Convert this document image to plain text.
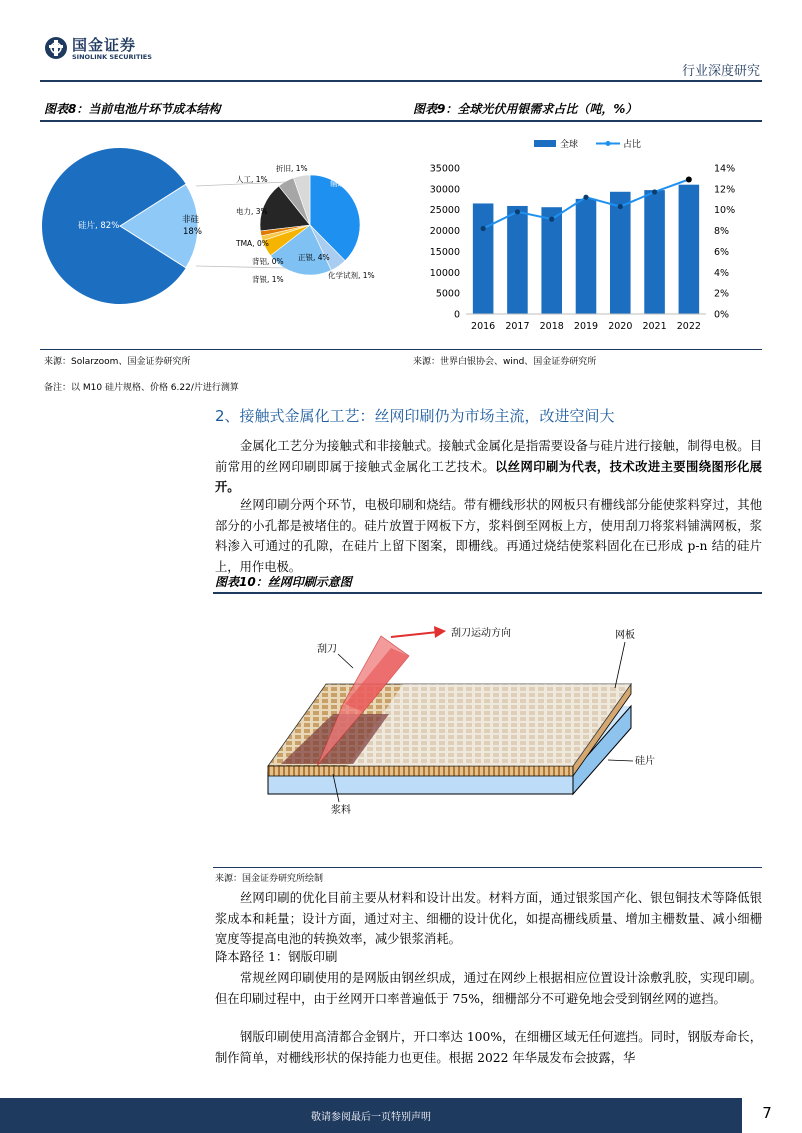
国金证券
SINOLINK SECURITIES
行业深度研究
图表8：当前电池片环节成本结构	图表9：全球光伏用银需求占比（吨，%）
硅片, 82%
非硅
18%
辅助设施及其他, 7%
化学试剂, 1%
正银, 4%
背银, 1%
背铝, 0%
TMA, 0%
电力, 3%
人工, 1%
折旧, 1%
全球	占比
0
5000
10000
15000
20000
25000
30000
35000
0%
2%
4%
6%
8%
10%
12%
14%
2016 2017 2018 2019 2020 2021 2022
来源：Solarzoom、国金证券研究所	来源：世界白银协会、wind、国金证券研究所
备注：以 M10 硅片规格、价格 6.22/片进行测算
2、接触式金属化工艺：丝网印刷仍为市场主流，改进空间大
金属化工艺分为接触式和非接触式。接触式金属化是指需要设备与硅片进行接触，制得电极。目前常用的丝网印刷即属于接触式金属化工艺技术。以丝网印刷为代表，技术改进主要围绕图形化展开。
丝网印刷分两个环节，电极印刷和烧结。带有栅线形状的网板只有栅线部分能使浆料穿过，其他部分的小孔都是被堵住的。硅片放置于网板下方，浆料倒至网板上方，使用刮刀将浆料铺满网板，浆料渗入可通过的孔隙，在硅片上留下图案，即栅线。再通过烧结使浆料固化在已形成 p-n 结的硅片上，用作电极。
图表10：丝网印刷示意图
刮刀运动方向
刮刀
网板
硅片
浆料
来源：国金证券研究所绘制
丝网印刷的优化目前主要从材料和设计出发。材料方面，通过银浆国产化、银包铜技术等降低银浆成本和耗量；设计方面，通过对主、细栅的设计优化，如提高栅线质量、增加主栅数量、减小细栅宽度等提高电池的转换效率，减少银浆消耗。
降本路径 1：钢版印刷
常规丝网印刷使用的是网版由钢丝织成，通过在网纱上根据相应位置设计涂敷乳胶，实现印刷。但在印刷过程中，由于丝网开口率普遍低于 75%，细栅部分不可避免地会受到钢丝网的遮挡。
钢版印刷使用高清都合金钢片，开口率达 100%，在细栅区域无任何遮挡。同时，钢版寿命长，制作简单，对栅线形状的保持能力也更佳。根据 2022 年华晟发布会披露，华
敬请参阅最后一页特别声明	7
